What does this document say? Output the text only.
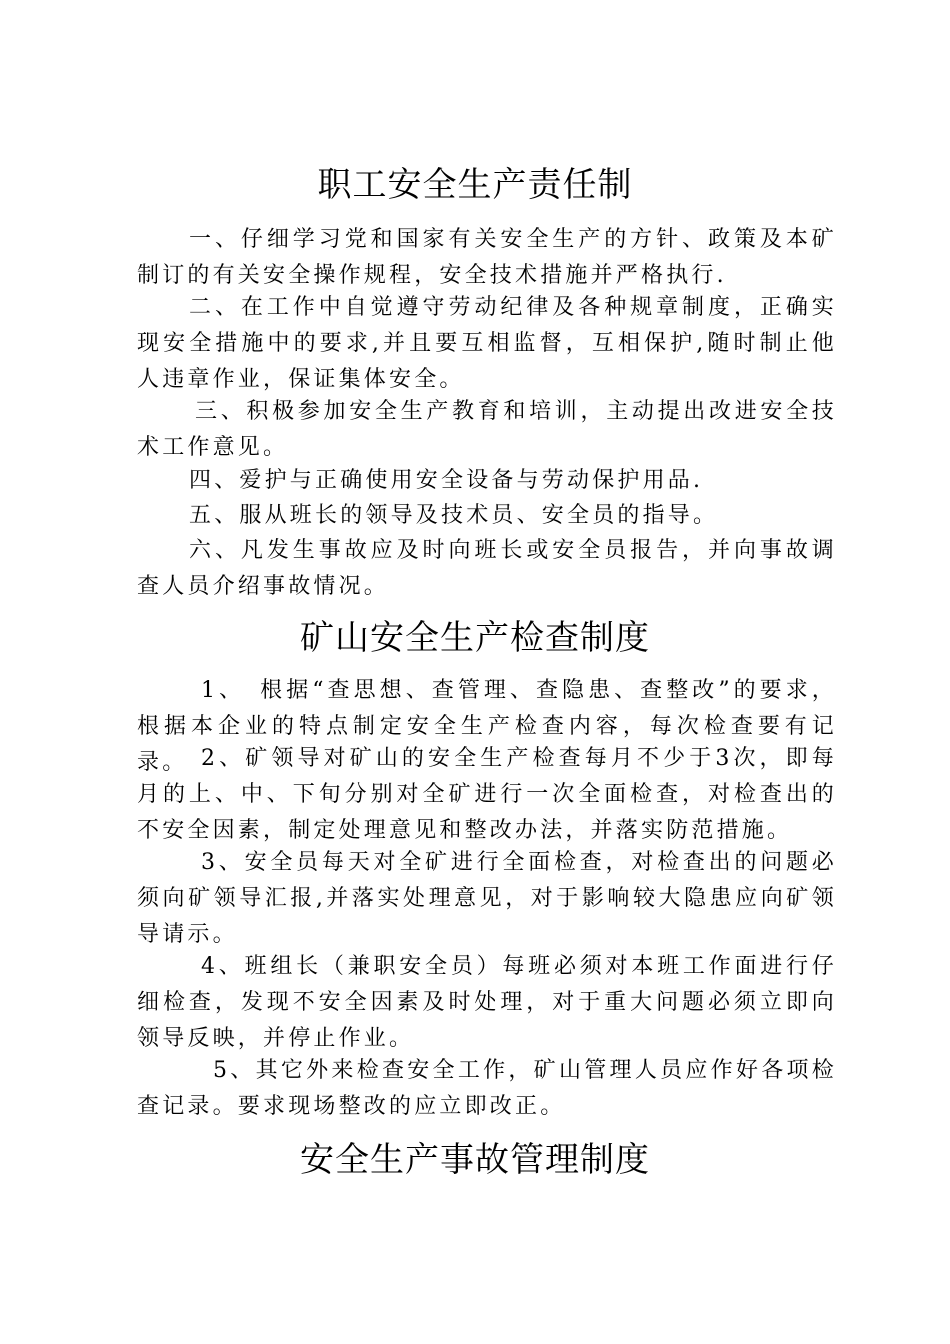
职工安全生产责任制

一、仔细学习党和国家有关安全生产的方针、政策及本矿制订的有关安全操作规程，安全技术措施并严格执行.

二、在工作中自觉遵守劳动纪律及各种规章制度，正确实现安全措施中的要求,并且要互相监督，互相保护,随时制止他人违章作业，保证集体安全。

三、积极参加安全生产教育和培训，主动提出改进安全技术工作意见。

四、爱护与正确使用安全设备与劳动保护用品.

五、服从班长的领导及技术员、安全员的指导。

六、凡发生事故应及时向班长或安全员报告，并向事故调查人员介绍事故情况。

矿山安全生产检查制度

1、　根据“查思想、查管理、查隐患、查整改”的要求，根据本企业的特点制定安全生产检查内容，每次检查要有记录。 2、矿领导对矿山的安全生产检查每月不少于3次，即每月的上、中、下旬分别对全矿进行一次全面检查，对检查出的不安全因素，制定处理意见和整改办法，并落实防范措施。

3、安全员每天对全矿进行全面检查，对检查出的问题必须向矿领导汇报,并落实处理意见，对于影响较大隐患应向矿领导请示。

4、班组长（兼职安全员）每班必须对本班工作面进行仔细检查，发现不安全因素及时处理，对于重大问题必须立即向领导反映，并停止作业。

5、其它外来检查安全工作，矿山管理人员应作好各项检查记录。要求现场整改的应立即改正。

安全生产事故管理制度
